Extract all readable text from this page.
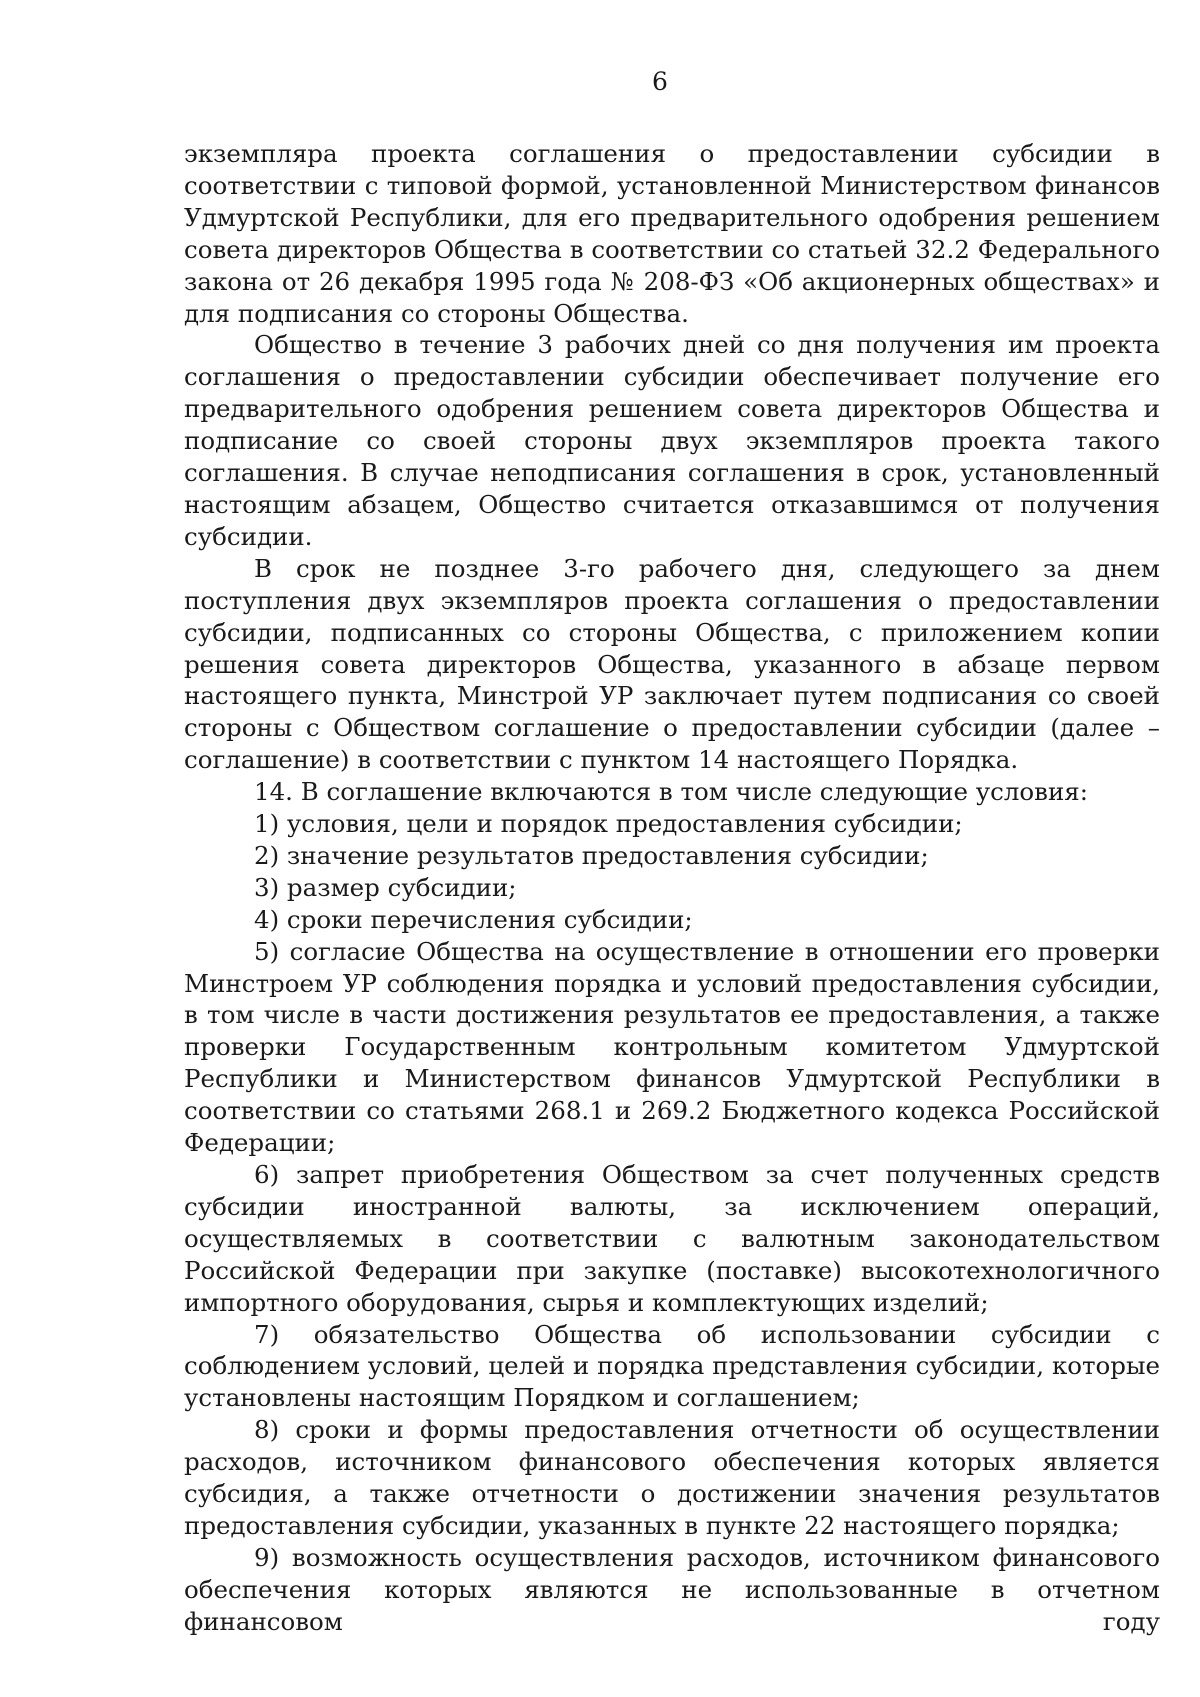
6

экземпляра проекта соглашения о предоставлении субсидии в соответствии с типовой формой, установленной Министерством финансов Удмуртской Республики, для его предварительного одобрения решением совета директоров Общества в соответствии со статьей 32.2 Федерального закона от 26 декабря 1995 года № 208-ФЗ «Об акционерных обществах» и для подписания со стороны Общества.

Общество в течение 3 рабочих дней со дня получения им проекта соглашения о предоставлении субсидии обеспечивает получение его предварительного одобрения решением совета директоров Общества и подписание со своей стороны двух экземпляров проекта такого соглашения. В случае неподписания соглашения в срок, установленный настоящим абзацем, Общество считается отказавшимся от получения субсидии.

В срок не позднее 3-го рабочего дня, следующего за днем поступления двух экземпляров проекта соглашения о предоставлении субсидии, подписанных со стороны Общества, с приложением копии решения совета директоров Общества, указанного в абзаце первом настоящего пункта, Минстрой УР заключает путем подписания со своей стороны с Обществом соглашение о предоставлении субсидии (далее – соглашение) в соответствии с пунктом 14 настоящего Порядка.

14. В соглашение включаются в том числе следующие условия:

1) условия, цели и порядок предоставления субсидии;

2) значение результатов предоставления субсидии;

3) размер субсидии;

4) сроки перечисления субсидии;

5) согласие Общества на осуществление в отношении его проверки Минстроем УР соблюдения порядка и условий предоставления субсидии, в том числе в части достижения результатов ее предоставления, а также проверки Государственным контрольным комитетом Удмуртской Республики и Министерством финансов Удмуртской Республики в соответствии со статьями 268.1 и 269.2 Бюджетного кодекса Российской Федерации;

6) запрет приобретения Обществом за счет полученных средств субсидии иностранной валюты, за исключением операций, осуществляемых в соответствии с валютным законодательством Российской Федерации при закупке (поставке) высокотехнологичного импортного оборудования, сырья и комплектующих изделий;

7) обязательство Общества об использовании субсидии с соблюдением условий, целей и порядка представления субсидии, которые установлены настоящим Порядком и соглашением;

8) сроки и формы предоставления отчетности об осуществлении расходов, источником финансового обеспечения которых является субсидия, а также отчетности о достижении значения результатов предоставления субсидии, указанных в пункте 22 настоящего порядка;

9) возможность осуществления расходов, источником финансового обеспечения которых являются не использованные в отчетном финансовом году
